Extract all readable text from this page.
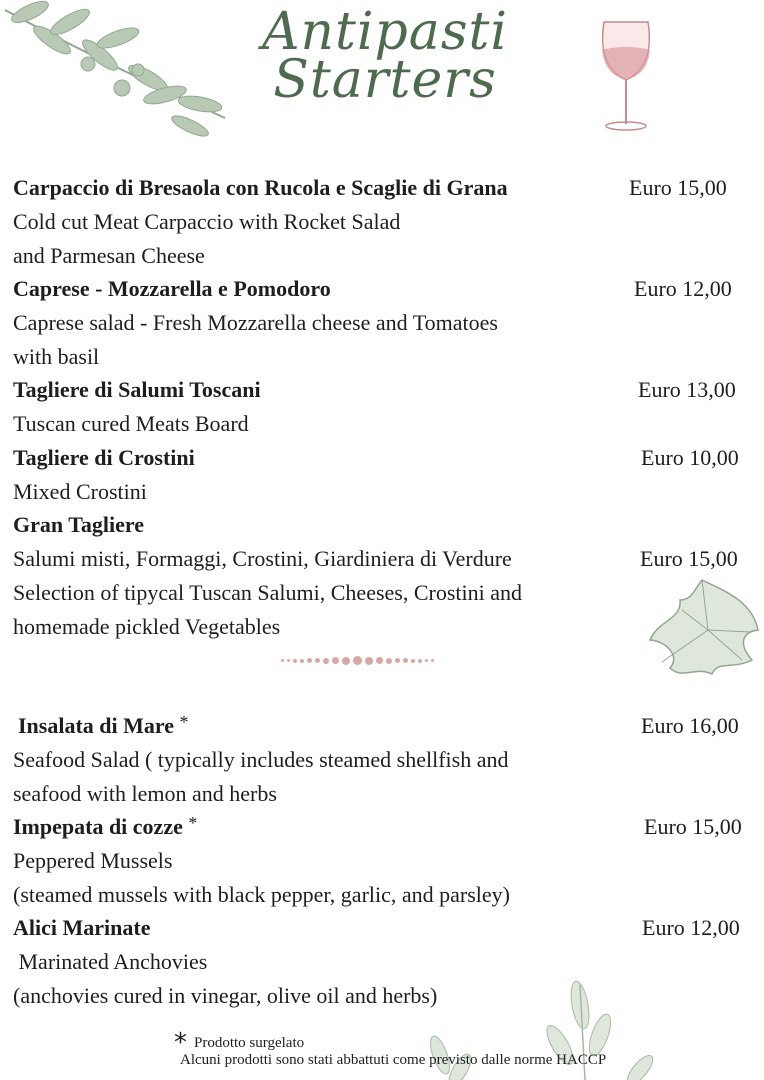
Antipasti
Starters
Carpaccio di Bresaola con Rucola e Scaglie di Grana	Euro 15,00
Cold cut Meat Carpaccio with Rocket Salad
and Parmesan Cheese
Caprese - Mozzarella e Pomodoro	Euro 12,00
Caprese salad - Fresh Mozzarella cheese and Tomatoes
with basil
Tagliere di Salumi Toscani	Euro 13,00
Tuscan cured Meats Board
Tagliere di Crostini	Euro 10,00
Mixed Crostini
Gran Tagliere
Salumi misti, Formaggi, Crostini, Giardiniera di Verdure	Euro 15,00
Selection of tipycal Tuscan Salumi, Cheeses, Crostini and
homemade pickled Vegetables
Insalata di Mare *	Euro 16,00
Seafood Salad ( typically includes steamed shellfish and
seafood with lemon and herbs
Impepata di cozze *	Euro 15,00
Peppered Mussels
(steamed mussels with black pepper, garlic, and parsley)
Alici Marinate	Euro 12,00
Marinated Anchovies
(anchovies cured in vinegar, olive oil and herbs)
* Prodotto surgelato
Alcuni prodotti sono stati abbattuti come previsto dalle norme HACCP
